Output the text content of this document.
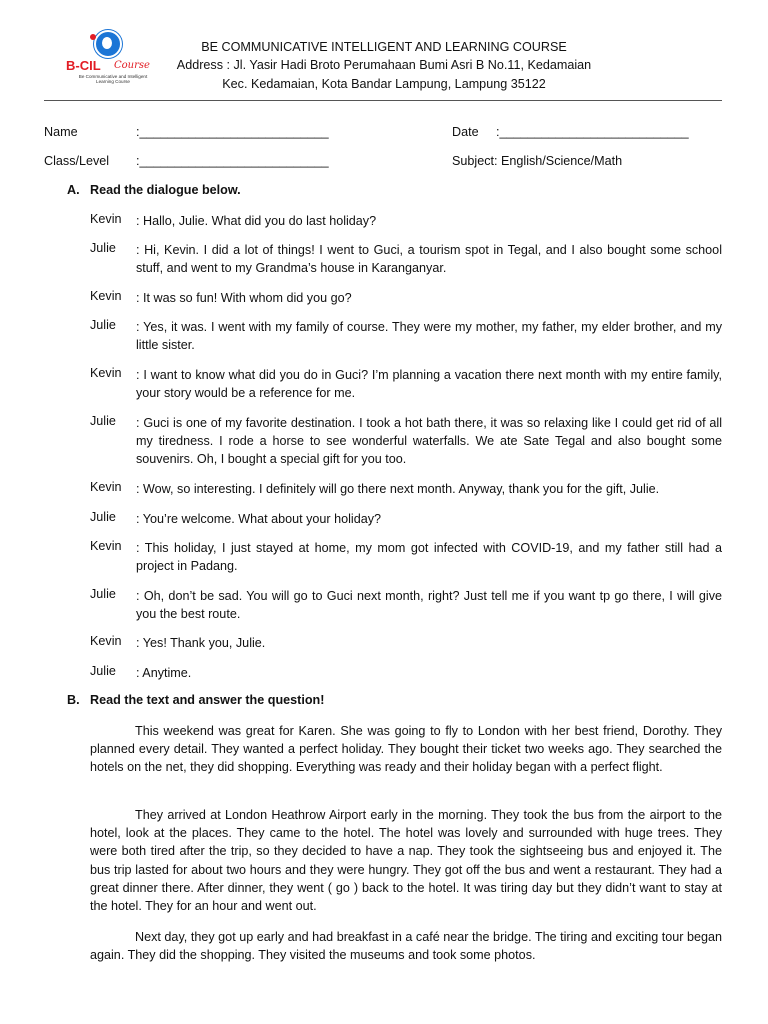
B-CIL Course
Be Communicative and Intelligent Learning Course
BE COMMUNICATIVE INTELLIGENT AND LEARNING COURSE
Address : Jl. Yasir Hadi Broto Perumahaan Bumi Asri B No.11, Kedamaian
Kec. Kedamaian, Kota Bandar Lampung, Lampung 35122
Name	:___________________________	Date :___________________________
Class/Level :___________________________	Subject: English/Science/Math
A. Read the dialogue below.
Kevin : Hallo, Julie. What did you do last holiday?
Julie : Hi, Kevin. I did a lot of things! I went to Guci, a tourism spot in Tegal, and I also bought some school stuff, and went to my Grandma’s house in Karanganyar.
Kevin : It was so fun! With whom did you go?
Julie : Yes, it was. I went with my family of course. They were my mother, my father, my elder brother, and my little sister.
Kevin : I want to know what did you do in Guci? I’m planning a vacation there next month with my entire family, your story would be a reference for me.
Julie : Guci is one of my favorite destination. I took a hot bath there, it was so relaxing like I could get rid of all my tiredness. I rode a horse to see wonderful waterfalls. We ate Sate Tegal and also bought some souvenirs. Oh, I bought a special gift for you too.
Kevin : Wow, so interesting. I definitely will go there next month. Anyway, thank you for the gift, Julie.
Julie : You’re welcome. What about your holiday?
Kevin : This holiday, I just stayed at home, my mom got infected with COVID-19, and my father still had a project in Padang.
Julie : Oh, don’t be sad. You will go to Guci next month, right? Just tell me if you want tp go there, I will give you the best route.
Kevin : Yes! Thank you, Julie.
Julie : Anytime.
B. Read the text and answer the question!
This weekend was great for Karen. She was going to fly to London with her best friend, Dorothy. They planned every detail. They wanted a perfect holiday. They bought their ticket two weeks ago. They searched the hotels on the net, they did shopping. Everything was ready and their holiday began with a perfect flight.
They arrived at London Heathrow Airport early in the morning. They took the bus from the airport to the hotel, look at the places. They came to the hotel. The hotel was lovely and surrounded with huge trees. They were both tired after the trip, so they decided to have a nap. They took the sightseeing bus and enjoyed it. The bus trip lasted for about two hours and they were hungry. They got off the bus and went a restaurant. They had a great dinner there. After dinner, they went ( go ) back to the hotel. It was tiring day but they didn’t want to stay at the hotel. They for an hour and went out.
Next day, they got up early and had breakfast in a café near the bridge. The tiring and exciting tour began again. They did the shopping. They visited the museums and took some photos.
